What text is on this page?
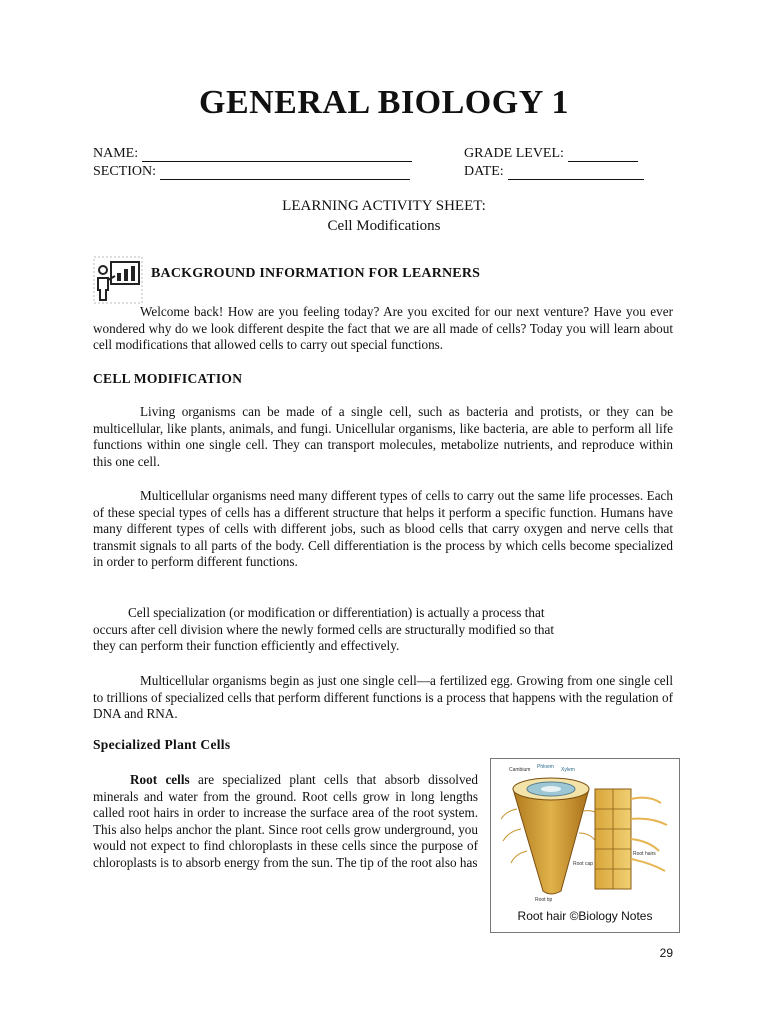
GENERAL BIOLOGY 1
NAME:
SECTION:
GRADE LEVEL:
DATE:
LEARNING ACTIVITY SHEET:
Cell Modifications
BACKGROUND INFORMATION FOR LEARNERS
Welcome back! How are you feeling today? Are you excited for our next venture? Have you ever wondered why do we look different despite the fact that we are all made of cells? Today you will learn about cell modifications that allowed cells to carry out special functions.
CELL MODIFICATION
Living organisms can be made of a single cell, such as bacteria and protists, or they can be multicellular, like plants, animals, and fungi. Unicellular organisms, like bacteria, are able to perform all life functions within one single cell. They can transport molecules, metabolize nutrients, and reproduce within this one cell.
Multicellular organisms need many different types of cells to carry out the same life processes. Each of these special types of cells has a different structure that helps it perform a specific function. Humans have many different types of cells with different jobs, such as blood cells that carry oxygen and nerve cells that transmit signals to all parts of the body. Cell differentiation is the process by which cells become specialized in order to perform different functions.
Cell specialization (or modification or differentiation) is actually a process that
occurs after cell division where the newly formed cells are structurally modified so that
they can perform their function efficiently and effectively.
Multicellular organisms begin as just one single cell—a fertilized egg. Growing from one single cell to trillions of specialized cells that perform different functions is a process that happens with the regulation of DNA and RNA.
Specialized Plant Cells
Root cells are specialized plant cells that absorb dissolved minerals and water from the ground. Root cells grow in long lengths called root hairs in order to increase the surface area of the root system. This also helps anchor the plant. Since root cells grow underground, you would not expect to find chloroplasts in these cells since the purpose of chloroplasts is to absorb energy from the sun. The tip of the root also has
Cambium Phloem Xylem
Root hairs
Root cap
Root tip
Root hair ©Biology Notes
29
